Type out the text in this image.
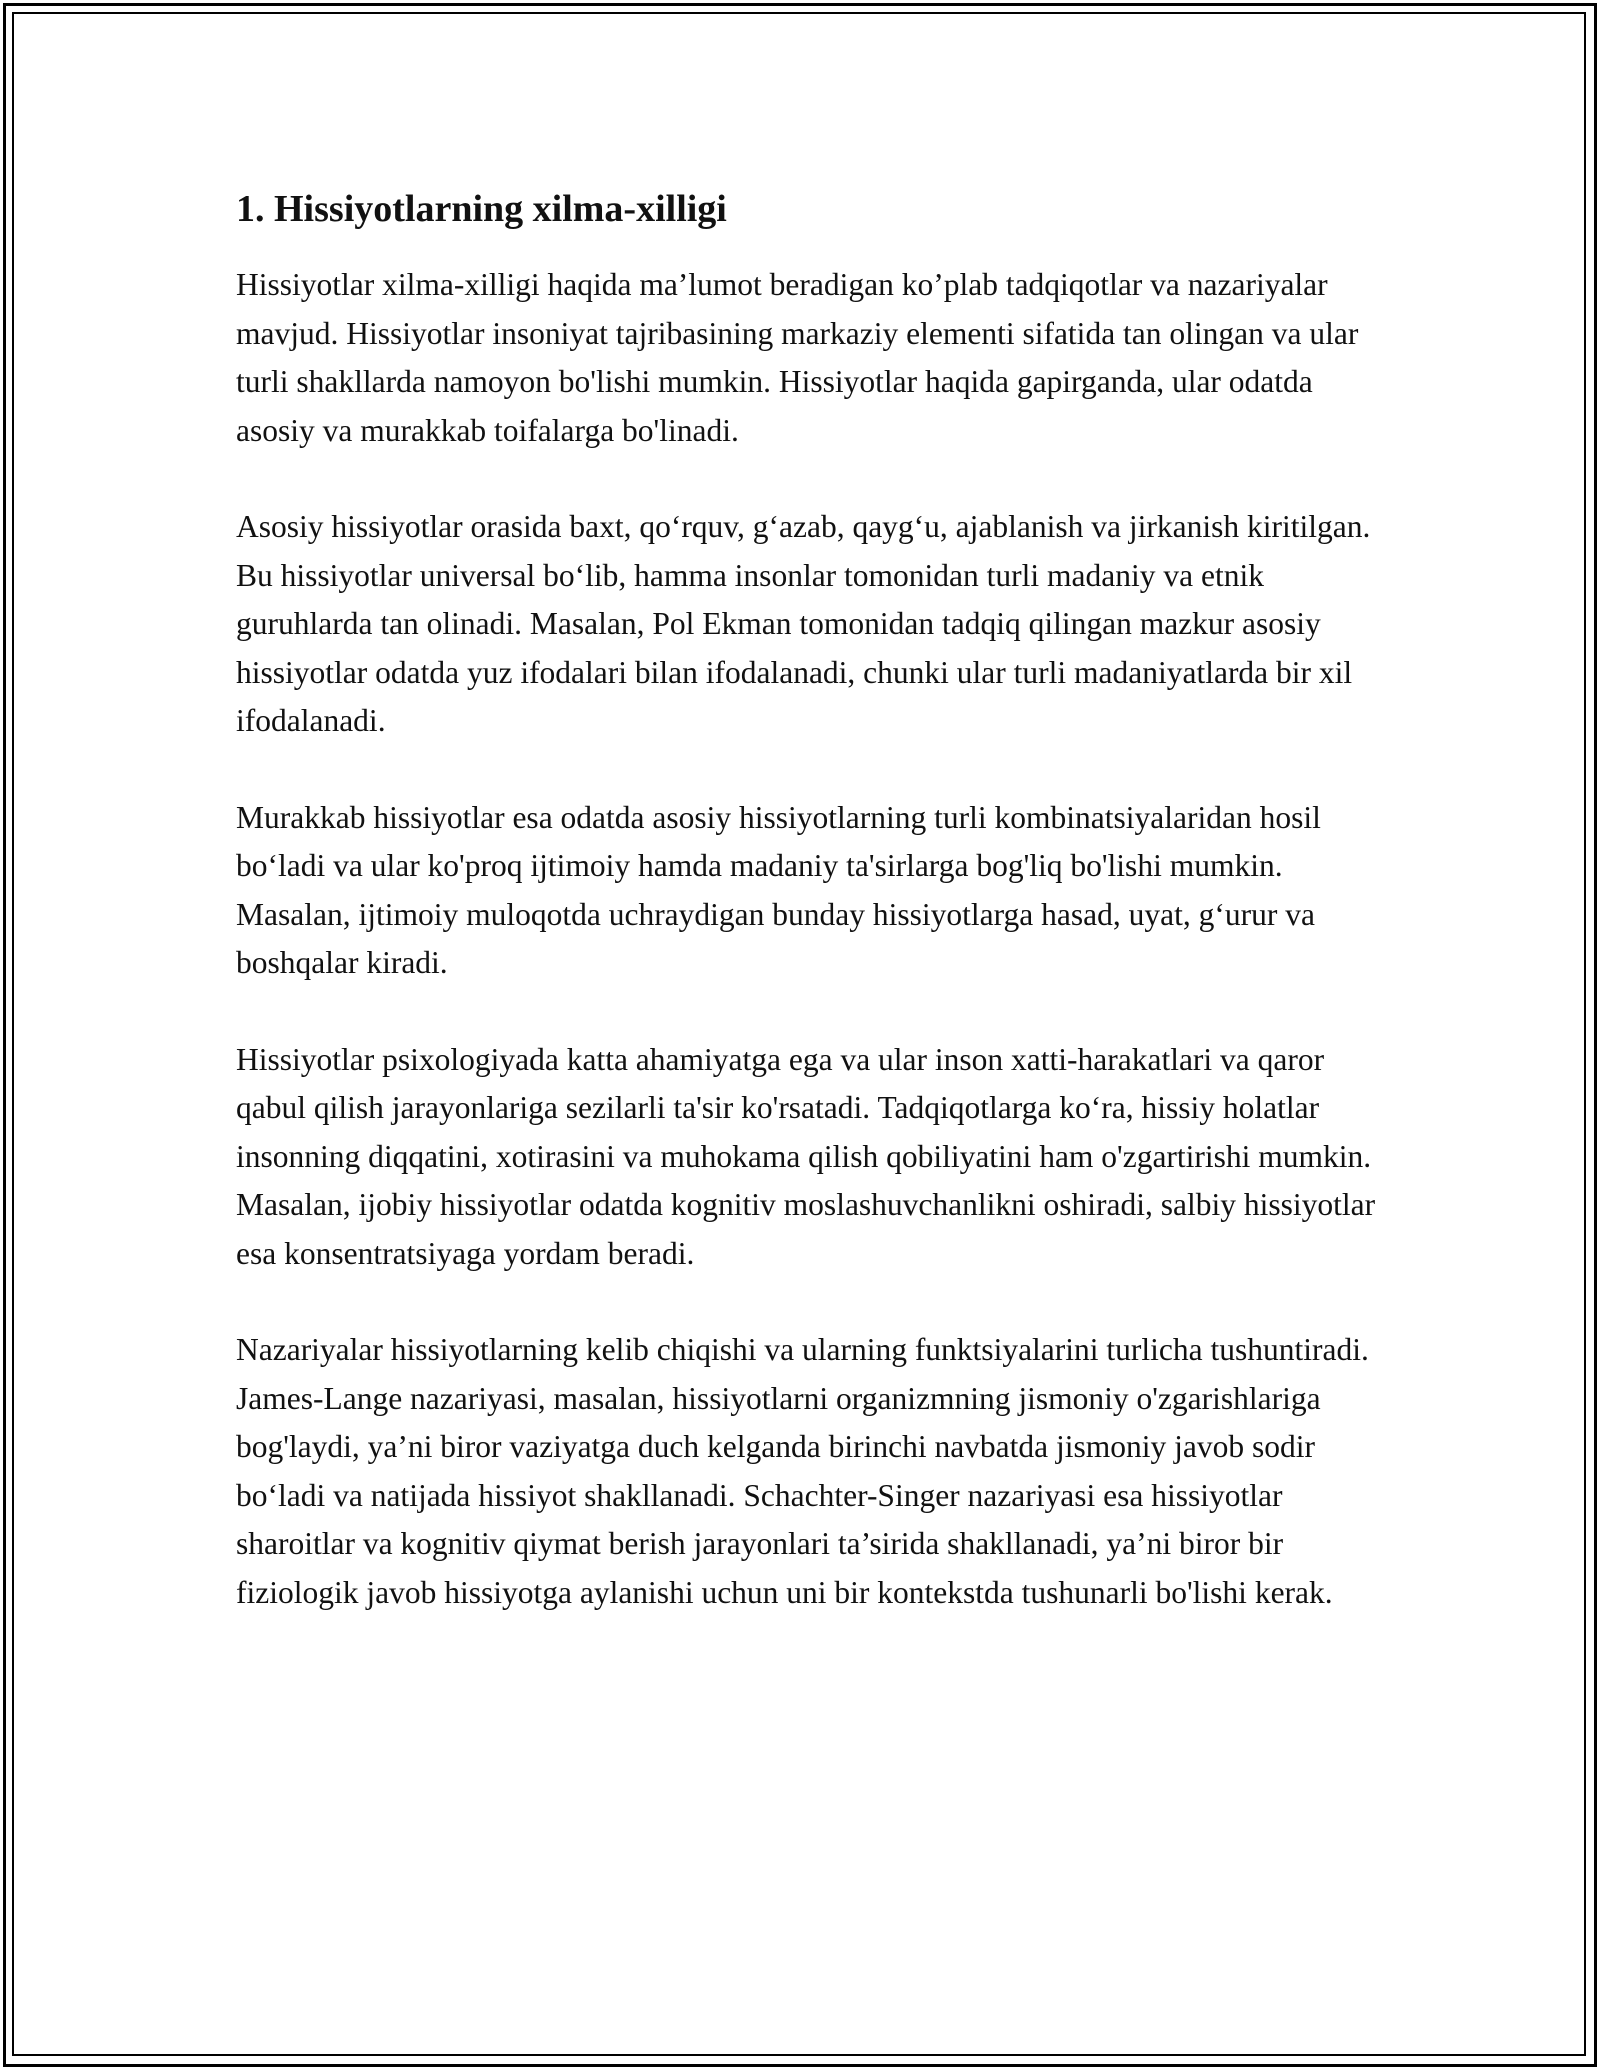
1. Hissiyotlarning xilma-xilligi

Hissiyotlar xilma-xilligi haqida ma’lumot beradigan ko’plab tadqiqotlar va nazariyalar mavjud. Hissiyotlar insoniyat tajribasining markaziy elementi sifatida tan olingan va ular turli shakllarda namoyon bo'lishi mumkin. Hissiyotlar haqida gapirganda, ular odatda asosiy va murakkab toifalarga bo'linadi.

Asosiy hissiyotlar orasida baxt, qo‘rquv, g‘azab, qayg‘u, ajablanish va jirkanish kiritilgan. Bu hissiyotlar universal bo‘lib, hamma insonlar tomonidan turli madaniy va etnik guruhlarda tan olinadi. Masalan, Pol Ekman tomonidan tadqiq qilingan mazkur asosiy hissiyotlar odatda yuz ifodalari bilan ifodalanadi, chunki ular turli madaniyatlarda bir xil ifodalanadi.

Murakkab hissiyotlar esa odatda asosiy hissiyotlarning turli kombinatsiyalaridan hosil bo‘ladi va ular ko'proq ijtimoiy hamda madaniy ta'sirlarga bog'liq bo'lishi mumkin. Masalan, ijtimoiy muloqotda uchraydigan bunday hissiyotlarga hasad, uyat, g‘urur va boshqalar kiradi.

Hissiyotlar psixologiyada katta ahamiyatga ega va ular inson xatti-harakatlari va qaror qabul qilish jarayonlariga sezilarli ta'sir ko'rsatadi. Tadqiqotlarga ko‘ra, hissiy holatlar insonning diqqatini, xotirasini va muhokama qilish qobiliyatini ham o'zgartirishi mumkin. Masalan, ijobiy hissiyotlar odatda kognitiv moslashuvchanlikni oshiradi, salbiy hissiyotlar esa konsentratsiyaga yordam beradi.

Nazariyalar hissiyotlarning kelib chiqishi va ularning funktsiyalarini turlicha tushuntiradi. James-Lange nazariyasi, masalan, hissiyotlarni organizmning jismoniy o'zgarishlariga bog'laydi, ya’ni biror vaziyatga duch kelganda birinchi navbatda jismoniy javob sodir bo‘ladi va natijada hissiyot shakllanadi. Schachter-Singer nazariyasi esa hissiyotlar sharoitlar va kognitiv qiymat berish jarayonlari ta’sirida shakllanadi, ya’ni biror bir fiziologik javob hissiyotga aylanishi uchun uni bir kontekstda tushunarli bo'lishi kerak.
